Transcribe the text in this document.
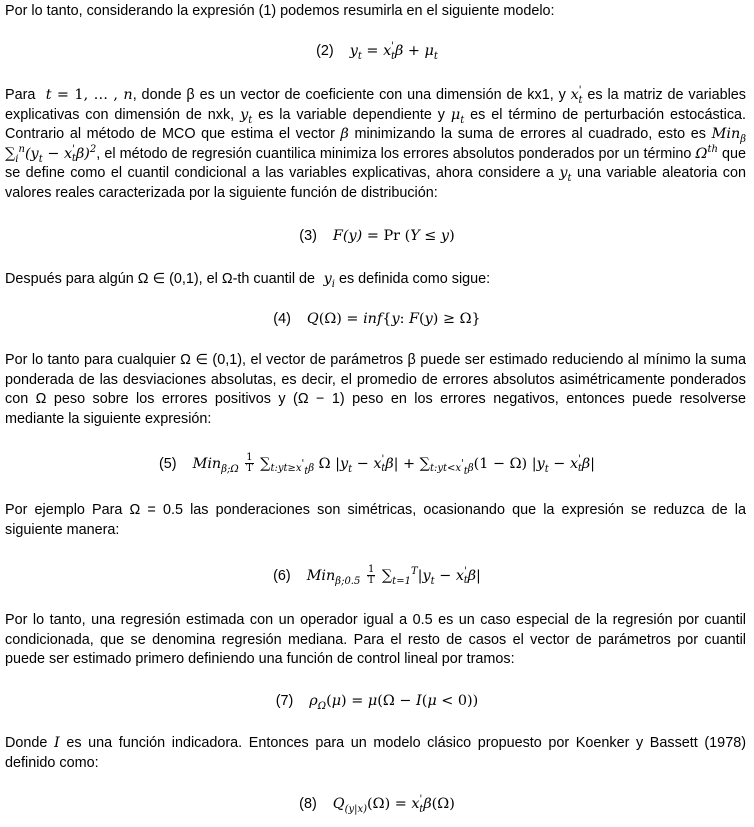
Por lo tanto, considerando la expresión (1) podemos resumirla en el siguiente modelo:

(2) $y_t = x'_t\beta + \mu_t$

Para  t = 1, … , n, donde β es un vector de coeficiente con una dimensión de kx1, y $x'_t$ es la matriz de variables explicativas con dimensión de nxk, $y_t$ es la variable dependiente y $\mu_t$ es el término de perturbación estocástica. Contrario al método de MCO que estima el vector β minimizando la suma de errores al cuadrado, esto es Min$_\beta$ $\sum_i^n(y_t - x'_t\beta)^2$, el método de regresión cuantilica minimiza los errores absolutos ponderados por un término $\Omega^{th}$ que se define como el cuantil condicional a las variables explicativas, ahora considere a $y_t$ una variable aleatoria con valores reales caracterizada por la siguiente función de distribución:

(3) F(y) = Pr (Y ≤ y)

Después para algún Ω ∈ (0,1), el Ω-th cuantil de  $y_i$ es definida como sigue:

(4) Q(Ω) = inf{y: F(y) ≥ Ω}

Por lo tanto para cualquier Ω ∈ (0,1), el vector de parámetros β puede ser estimado reduciendo al mínimo la suma ponderada de las desviaciones absolutas, es decir, el promedio de errores absolutos asimétricamente ponderados con Ω peso sobre los errores positivos y (Ω − 1) peso en los errores negativos, entonces puede resolverse mediante la siguiente expresión:

(5) $Min_{\beta;\Omega} \frac{1}{T} \sum_{t:yt\ge x'_t\beta}$ Ω $|y_t - x'_t\beta| + \sum_{t:yt<x'_t\beta}(1 - \Omega) |y_t - x'_t\beta|$

Por ejemplo Para Ω = 0.5 las ponderaciones son simétricas, ocasionando que la expresión se reduzca de la siguiente manera:

(6) $Min_{\beta;0.5} \frac{1}{T} \sum_{t=1}^T|y_t - x'_t\beta|$

Por lo tanto, una regresión estimada con un operador igual a 0.5 es un caso especial de la regresión por cuantil condicionada, que se denomina regresión mediana. Para el resto de casos el vector de parámetros por cuantil puede ser estimado primero definiendo una función de control lineal por tramos:

(7) $\rho_\Omega(\mu) = \mu(\Omega - I(\mu < 0))$

Donde I es una función indicadora. Entonces para un modelo clásico propuesto por Koenker y Bassett (1978) definido como:

(8) $Q_{(y|x)}(\Omega) = x'_t\beta(\Omega)$
